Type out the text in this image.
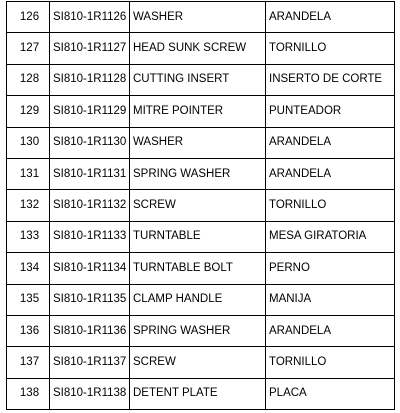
126	SI810-1R1126	WASHER	ARANDELA
127	SI810-1R1127	HEAD SUNK SCREW	TORNILLO
128	SI810-1R1128	CUTTING INSERT	INSERTO DE CORTE
129	SI810-1R1129	MITRE POINTER	PUNTEADOR
130	SI810-1R1130	WASHER	ARANDELA
131	SI810-1R1131	SPRING WASHER	ARANDELA
132	SI810-1R1132	SCREW	TORNILLO
133	SI810-1R1133	TURNTABLE	MESA GIRATORIA
134	SI810-1R1134	TURNTABLE BOLT	PERNO
135	SI810-1R1135	CLAMP HANDLE	MANIJA
136	SI810-1R1136	SPRING WASHER	ARANDELA
137	SI810-1R1137	SCREW	TORNILLO
138	SI810-1R1138	DETENT PLATE	PLACA
